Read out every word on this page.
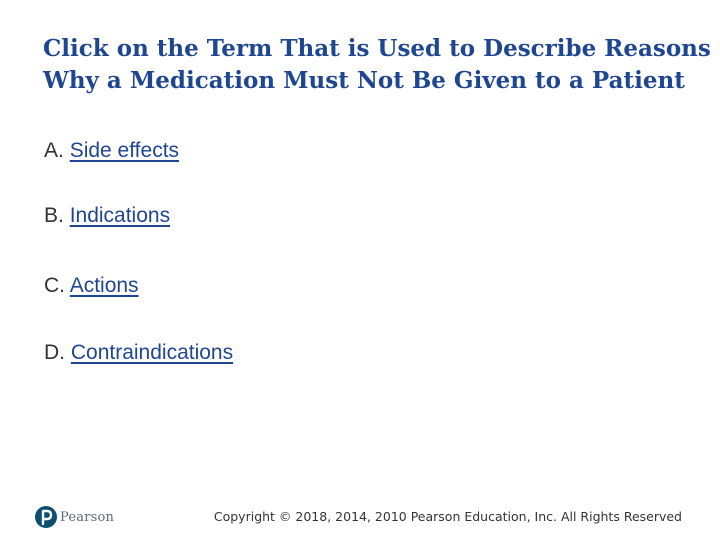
Click on the Term That is Used to Describe Reasons
Why a Medication Must Not Be Given to a Patient
A. Side effects
B. Indications
C. Actions
D. Contraindications
Pearson	Copyright © 2018, 2014, 2010 Pearson Education, Inc. All Rights Reserved
